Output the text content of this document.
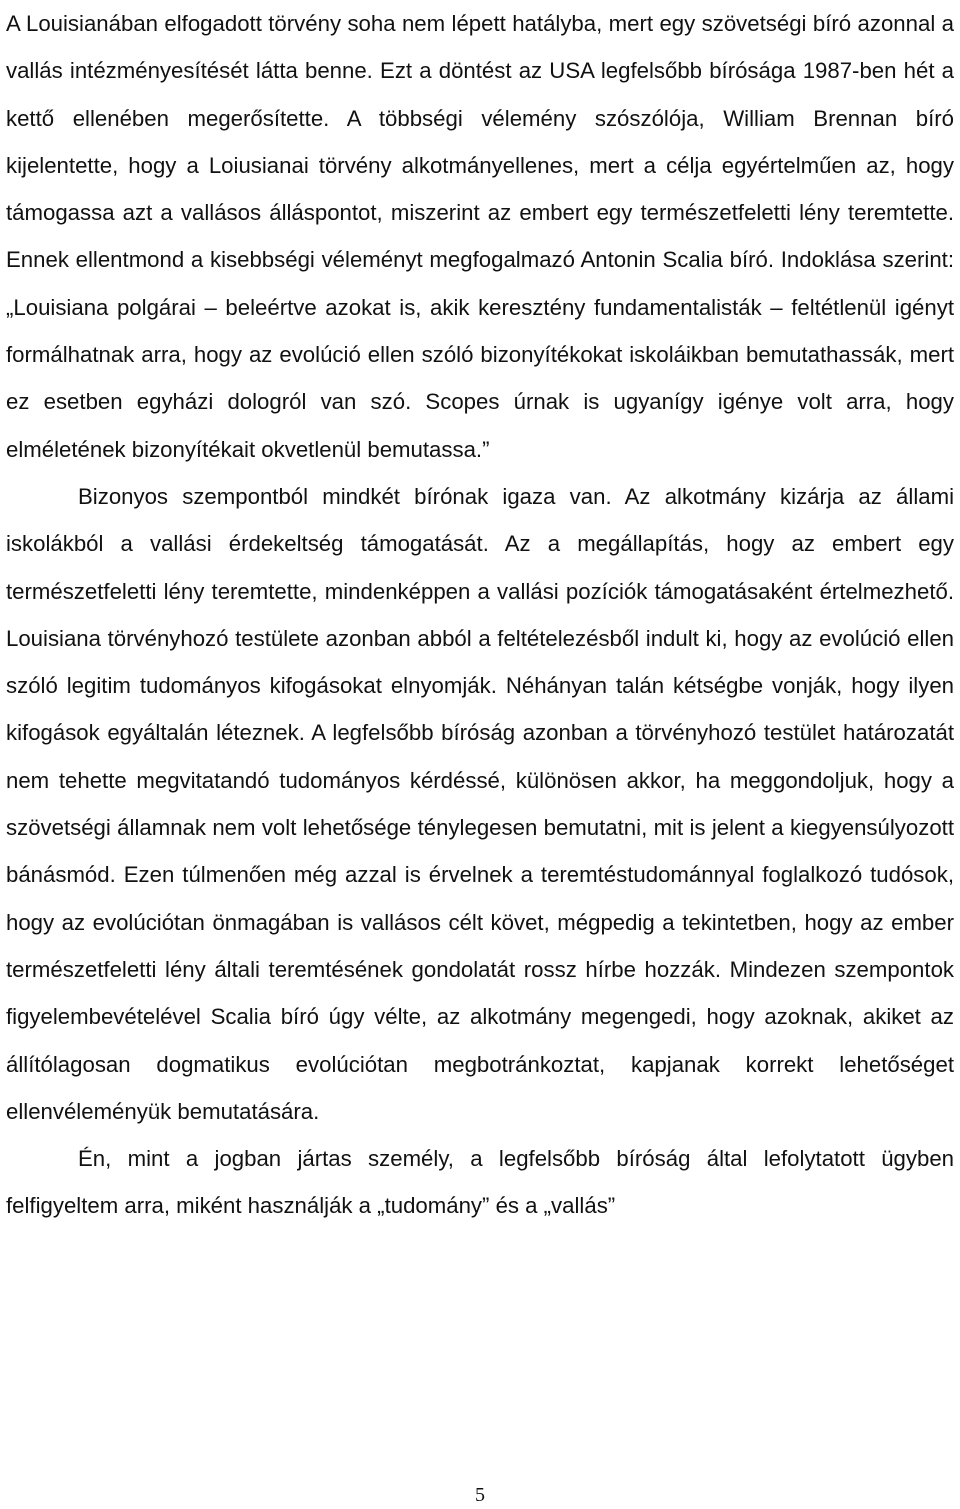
A Louisianában elfogadott törvény soha nem lépett hatályba, mert egy szövetségi bíró azonnal a vallás intézményesítését látta benne. Ezt a döntést az USA legfelsőbb bírósága 1987-ben hét a kettő ellenében megerősítette. A többségi vélemény szószólója, William Brennan bíró kijelentette, hogy a Loiusianai törvény alkotmányellenes, mert a célja egyértelműen az, hogy támogassa azt a vallásos álláspontot, miszerint az embert egy természetfeletti lény teremtette. Ennek ellentmond a kisebbségi véleményt megfogalmazó Antonin Scalia bíró. Indoklása szerint: „Louisiana polgárai – beleértve azokat is, akik keresztény fundamentalisták – feltétlenül igényt formálhatnak arra, hogy az evolúció ellen szóló bizonyítékokat iskoláikban bemutathassák, mert ez esetben egyházi dologról van szó. Scopes úrnak is ugyanígy igénye volt arra, hogy elméletének bizonyítékait okvetlenül bemutassa.”

Bizonyos szempontból mindkét bírónak igaza van. Az alkotmány kizárja az állami iskolákból a vallási érdekeltség támogatását. Az a megállapítás, hogy az embert egy természetfeletti lény teremtette, mindenképpen a vallási pozíciók támogatásaként értelmezhető. Louisiana törvényhozó testülete azonban abból a feltételezésből indult ki, hogy az evolúció ellen szóló legitim tudományos kifogásokat elnyomják. Néhányan talán kétségbe vonják, hogy ilyen kifogások egyáltalán léteznek. A legfelsőbb bíróság azonban a törvényhozó testület határozatát nem tehette megvitatandó tudományos kérdéssé, különösen akkor, ha meggondoljuk, hogy a szövetségi államnak nem volt lehetősége ténylegesen bemutatni, mit is jelent a kiegyensúlyozott bánásmód. Ezen túlmenően még azzal is érvelnek a teremtéstudománnyal foglalkozó tudósok, hogy az evolúciótan önmagában is vallásos célt követ, mégpedig a tekintetben, hogy az ember természetfeletti lény általi teremtésének gondolatát rossz hírbe hozzák. Mindezen szempontok figyelembevételével Scalia bíró úgy vélte, az alkotmány megengedi, hogy azoknak, akiket az állítólagosan dogmatikus evolúciótan megbotránkoztat, kapjanak korrekt lehetőséget ellenvéleményük bemutatására.

Én, mint a jogban jártas személy, a legfelsőbb bíróság által lefolytatott ügyben felfigyeltem arra, miként használják a „tudomány” és a „vallás”

5
